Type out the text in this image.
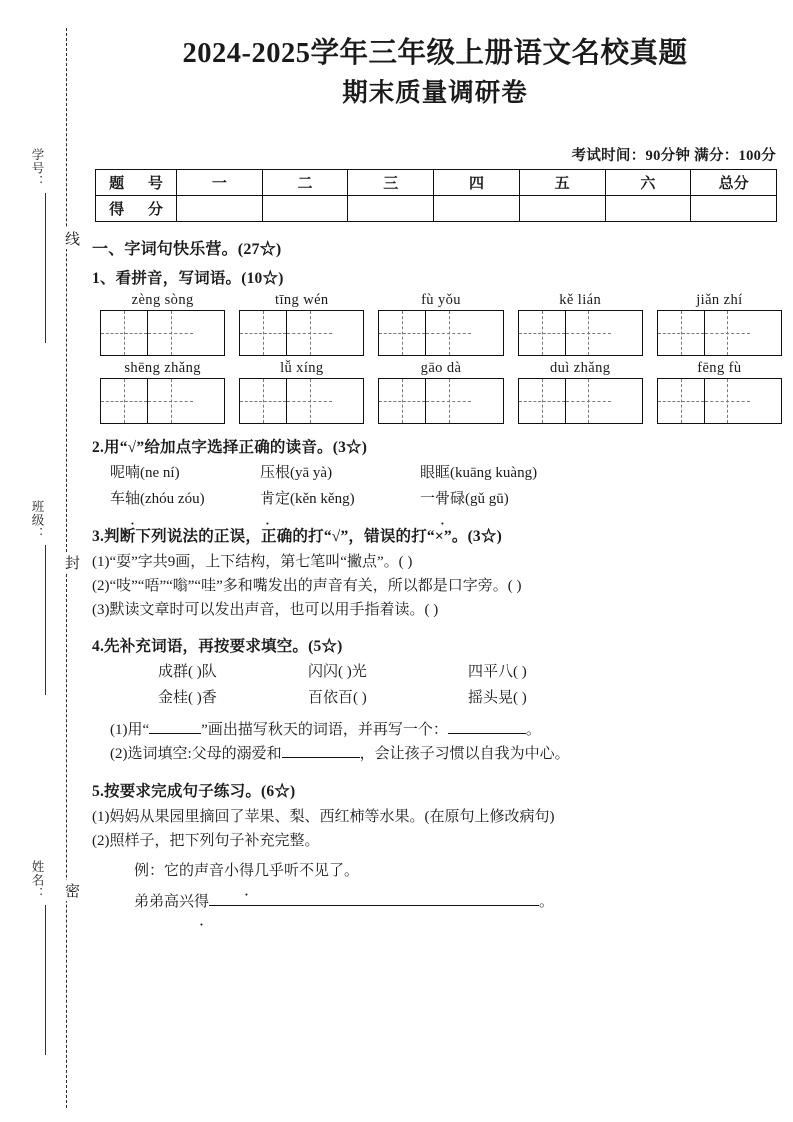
线
封
密
学号：
班级：
姓名：
2024-2025学年三年级上册语文名校真题
期末质量调研卷
考试时间：90分钟 满分：100分
题 号	一	二	三	四	五	六	总分
得 分							
一、字词句快乐营。(27☆)
1、看拼音，写词语。(10☆)
zèng sòng	tīng wén	fù yǒu	kě lián	jiǎn zhí
shēng zhǎng	lǚ xíng	gāo dà	duì zhǎng	fēng fù
2.用“√”给加点字选择正确的读音。(3☆)
呢喃(ne ní)	压根(yā yà)	眼眶(kuāng kuàng)
车轴(zhóu zóu)	肯定(kěn kěng)	一骨碌(gǔ gū)
3.判断下列说法的正误，正确的打“√”，错误的打“×”。(3☆)
(1)“耍”字共9画，上下结构，第七笔叫“撇点”。( )
(2)“吱”“唔”“嗡”“哇”多和嘴发出的声音有关，所以都是口字旁。( )
(3)默读文章时可以发出声音，也可以用手指着读。( )
4.先补充词语，再按要求填空。(5☆)
成群( )队	闪闪( )光	四平八( )
金桂( )香	百依百( )	摇头晃( )
(1)用“	”画出描写秋天的词语，并再写一个：	。
(2)选词填空:父母的溺爱和	，会让孩子习惯以自我为中心。
5.按要求完成句子练习。(6☆)
(1)妈妈从果园里摘回了苹果、梨、西红柿等水果。(在原句上修改病句)
(2)照样子，把下列句子补充完整。
例：它的声音小得几乎听不见了。
弟弟高兴得	。
